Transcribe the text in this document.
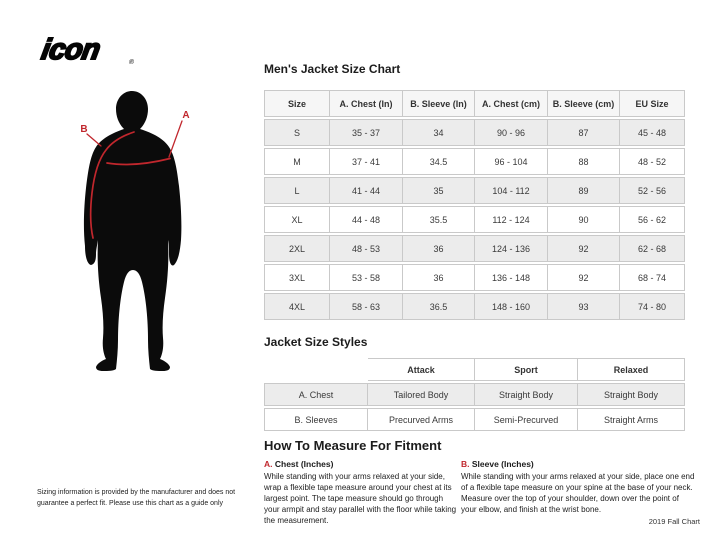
icon ®
A
B
Men's Jacket Size Chart
Size	A. Chest (In)	B. Sleeve (In)	A. Chest (cm)	B. Sleeve (cm)	EU Size
S	35 - 37	34	90 - 96	87	45 - 48
M	37 - 41	34.5	96 - 104	88	48 - 52
L	41 - 44	35	104 - 112	89	52 - 56
XL	44 - 48	35.5	112 - 124	90	56 - 62
2XL	48 - 53	36	124 - 136	92	62 - 68
3XL	53 - 58	36	136 - 148	92	68 - 74
4XL	58 - 63	36.5	148 - 160	93	74 - 80
Jacket Size Styles
	Attack	Sport	Relaxed
A. Chest	Tailored Body	Straight Body	Straight Body
B. Sleeves	Precurved Arms	Semi-Precurved	Straight Arms
How To Measure For Fitment
A. Chest (Inches)
While standing with your arms relaxed at your side, wrap a flexible tape measure around your chest at its largest point. The tape measure should go through your armpit and stay parallel with the floor while taking the measurement.
B. Sleeve (Inches)
While standing with your arms relaxed at your side, place one end of a flexible tape measure on your spine at the base of your neck. Measure over the top of your shoulder, down over the point of your elbow, and finish at the wrist bone.
Sizing information is provided by the manufacturer and does not guarantee a perfect fit. Please use this chart as a guide only
2019 Fall Chart
